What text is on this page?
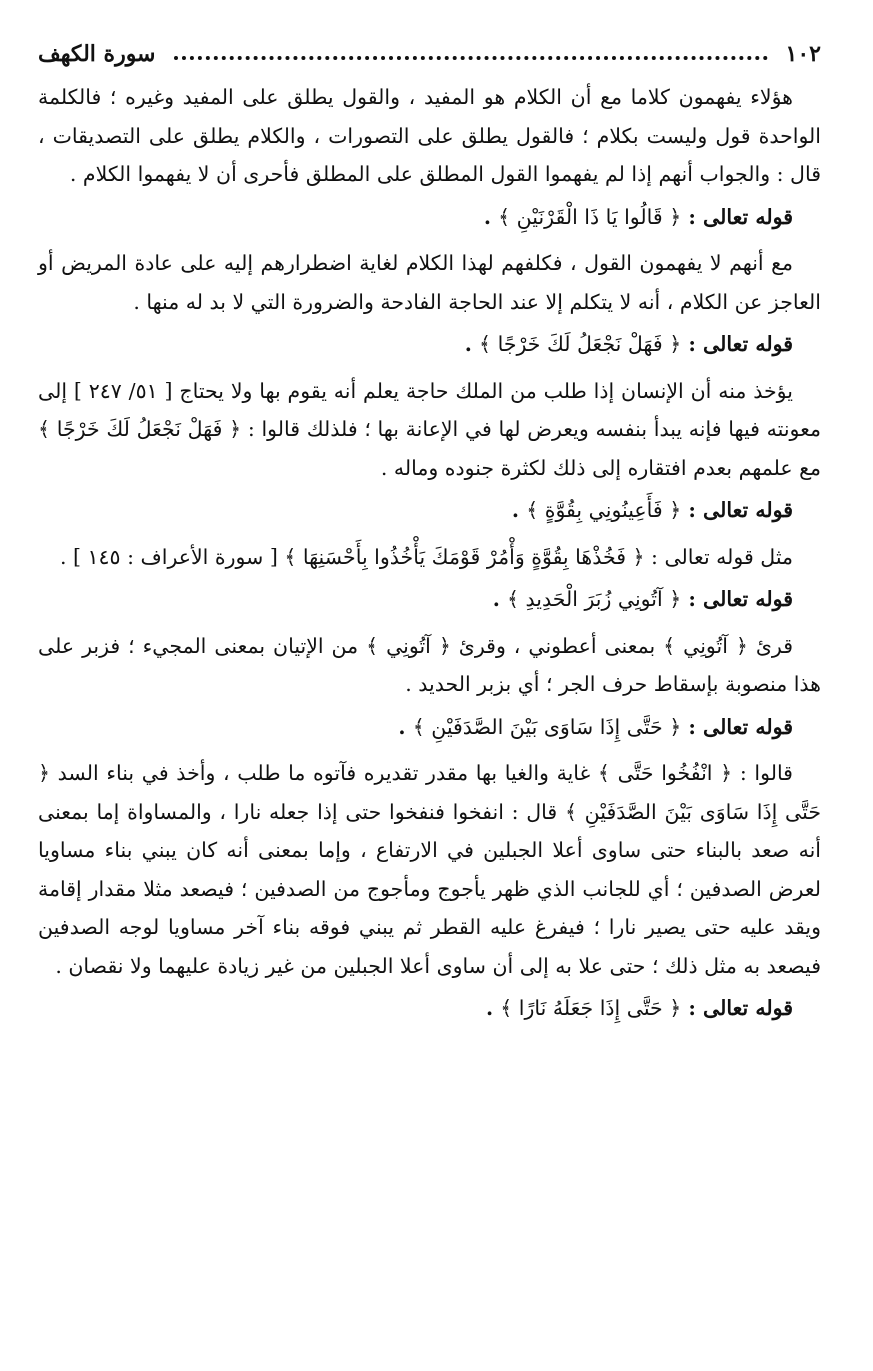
١٠٢
سورة الكهف

هؤلاء يفهمون كلاما مع أن الكلام هو المفيد ، والقول يطلق على المفيد وغيره ؛ فالكلمة الواحدة قول وليست بكلام ؛ فالقول يطلق على التصورات ، والكلام يطلق على التصديقات ، قال : والجواب أنهم إذا لم يفهموا القول المطلق على المطلق فأحرى أن لا يفهموا الكلام .

قوله تعالى : ﴿ قَالُوا يَا ذَا الْقَرْنَيْنِ ﴾ .

مع أنهم لا يفهمون القول ، فكلفهم لهذا الكلام لغاية اضطرارهم إليه على عادة المريض أو العاجز عن الكلام ، أنه لا يتكلم إلا عند الحاجة الفادحة والضرورة التي لا بد له منها .

قوله تعالى : ﴿ فَهَلْ نَجْعَلُ لَكَ خَرْجًا ﴾ .

يؤخذ منه أن الإنسان إذا طلب من الملك حاجة يعلم أنه يقوم بها ولا يحتاج [ ٥١/ ٢٤٧ ] إلى معونته فيها فإنه يبدأ بنفسه ويعرض لها في الإعانة بها ؛ فلذلك قالوا : ﴿ فَهَلْ نَجْعَلُ لَكَ خَرْجًا ﴾ مع علمهم بعدم افتقاره إلى ذلك لكثرة جنوده وماله .

قوله تعالى : ﴿ فَأَعِينُونِي بِقُوَّةٍ ﴾ .

مثل قوله تعالى : ﴿ فَخُذْهَا بِقُوَّةٍ وَأْمُرْ قَوْمَكَ يَأْخُذُوا بِأَحْسَنِهَا ﴾ [ سورة الأعراف : ١٤٥ ] .

قوله تعالى : ﴿ آتُونِي زُبَرَ الْحَدِيدِ ﴾ .

قرئ ﴿ آتُونِي ﴾ بمعنى أعطوني ، وقرئ ﴿ آتُونِي ﴾ من الإتيان بمعنى المجيء ؛ فزبر على هذا منصوبة بإسقاط حرف الجر ؛ أي بزبر الحديد .

قوله تعالى : ﴿ حَتَّى إِذَا سَاوَى بَيْنَ الصَّدَفَيْنِ ﴾ .

قالوا : ﴿ انْفُخُوا حَتَّى ﴾ غاية والغيا بها مقدر تقديره فآتوه ما طلب ، وأخذ في بناء السد ﴿ حَتَّى إِذَا سَاوَى بَيْنَ الصَّدَفَيْنِ ﴾ قال : انفخوا فنفخوا حتى إذا جعله نارا ، والمساواة إما بمعنى أنه صعد بالبناء حتى ساوى أعلا الجبلين في الارتفاع ، وإما بمعنى أنه كان يبني بناء مساويا لعرض الصدفين ؛ أي للجانب الذي ظهر يأجوج ومأجوج من الصدفين ؛ فيصعد مثلا مقدار إقامة ويقد عليه حتى يصير نارا ؛ فيفرغ عليه القطر ثم يبني فوقه بناء آخر مساويا لوجه الصدفين فيصعد به مثل ذلك ؛ حتى علا به إلى أن ساوى أعلا الجبلين من غير زيادة عليهما ولا نقصان .

قوله تعالى : ﴿ حَتَّى إِذَا جَعَلَهُ نَارًا ﴾ .
